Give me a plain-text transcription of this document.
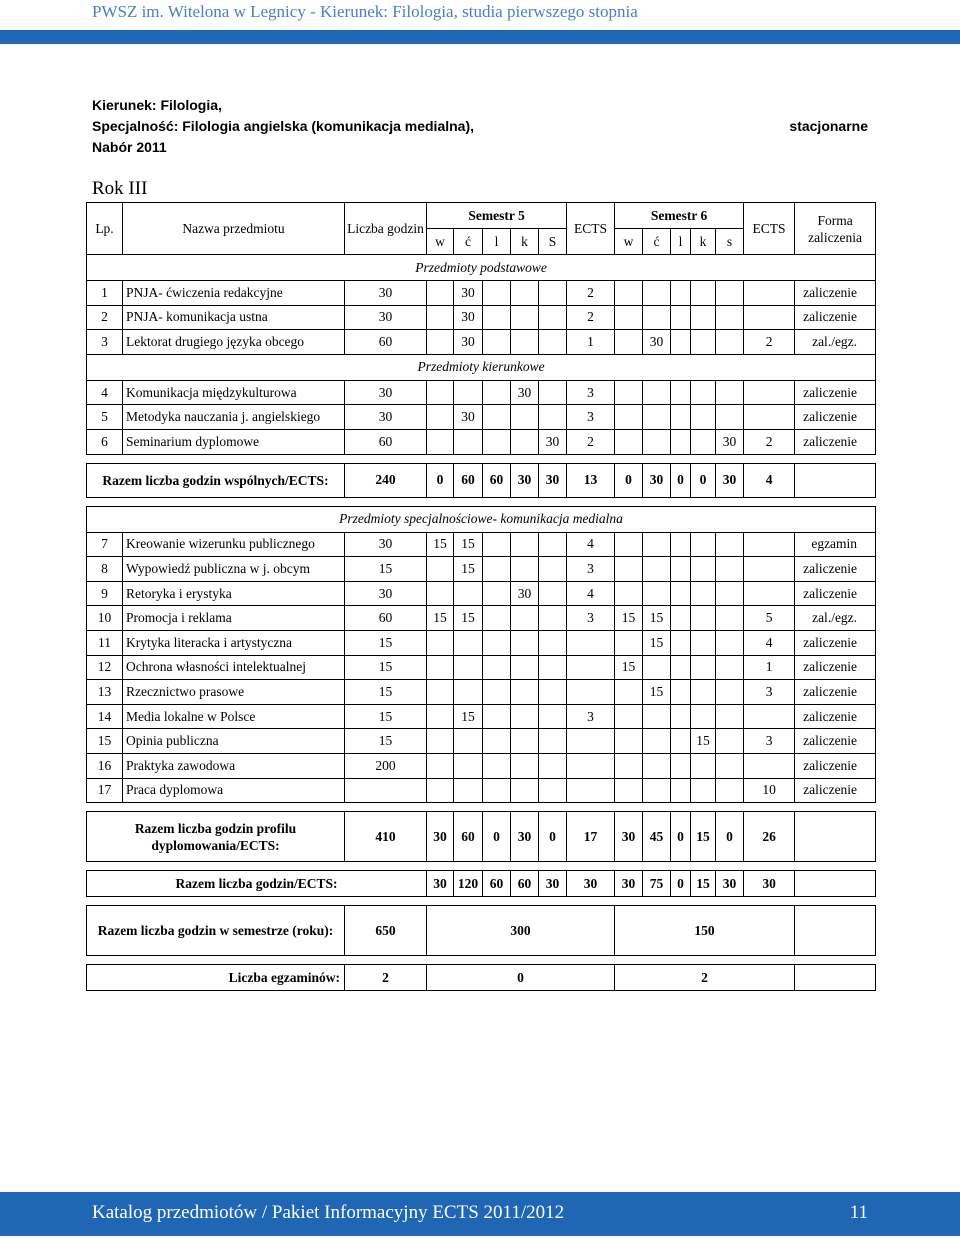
PWSZ im. Witelona w Legnicy - Kierunek: Filologia, studia pierwszego stopnia
Kierunek: Filologia,
Specjalność: Filologia angielska (komunikacja medialna),
Nabór 2011
stacjonarne
Rok III
Lp.	Nazwa przedmiotu	Liczba godzin	Semestr 5					ECTS	Semestr 6					ECTS	Forma zaliczenia
			w	ć	l	k	S		w	ć	l	k	s		
Przedmioty podstawowe															
1	PNJA- ćwiczenia redakcyjne	30		30				2							zaliczenie
2	PNJA- komunikacja ustna	30		30				2							zaliczenie
3	Lektorat drugiego języka obcego	60		30				1		30				2	zal./egz.
Przedmioty kierunkowe															
4	Komunikacja międzykulturowa	30				30		3							zaliczenie
5	Metodyka nauczania j. angielskiego	30		30				3							zaliczenie
6	Seminarium dyplomowe	60					30	2					30	2	zaliczenie

Razem liczba godzin wspólnych/ECTS:		240	0	60	60	30	30	13	0	30	0	0	30	4	

Przedmioty specjalnościowe- komunikacja medialna															
7	Kreowanie wizerunku publicznego	30	15	15				4							egzamin
8	Wypowiedź publiczna w j. obcym	15		15				3							zaliczenie
9	Retoryka i erystyka	30				30		4							zaliczenie
10	Promocja i reklama	60	15	15				3	15	15				5	zal./egz.
11	Krytyka literacka i artystyczna	15								15				4	zaliczenie
12	Ochrona własności intelektualnej	15							15					1	zaliczenie
13	Rzecznictwo prasowe	15								15				3	zaliczenie
14	Media lokalne w Polsce	15		15				3							zaliczenie
15	Opinia publiczna	15										15		3	zaliczenie
16	Praktyka zawodowa	200													zaliczenie
17	Praca dyplomowa													10	zaliczenie

Razem liczba godzin profilu dyplomowania/ECTS:		410	30	60	0	30	0	17	30	45	0	15	0	26	

Razem liczba godzin/ECTS:			30	120	60	60	30	30	30	75	0	15	30	30	

Razem liczba godzin w semestrze (roku):		650	300						150						

Liczba egzaminów:		2	0						2						
Katalog przedmiotów / Pakiet Informacyjny ECTS 2011/2012	11
